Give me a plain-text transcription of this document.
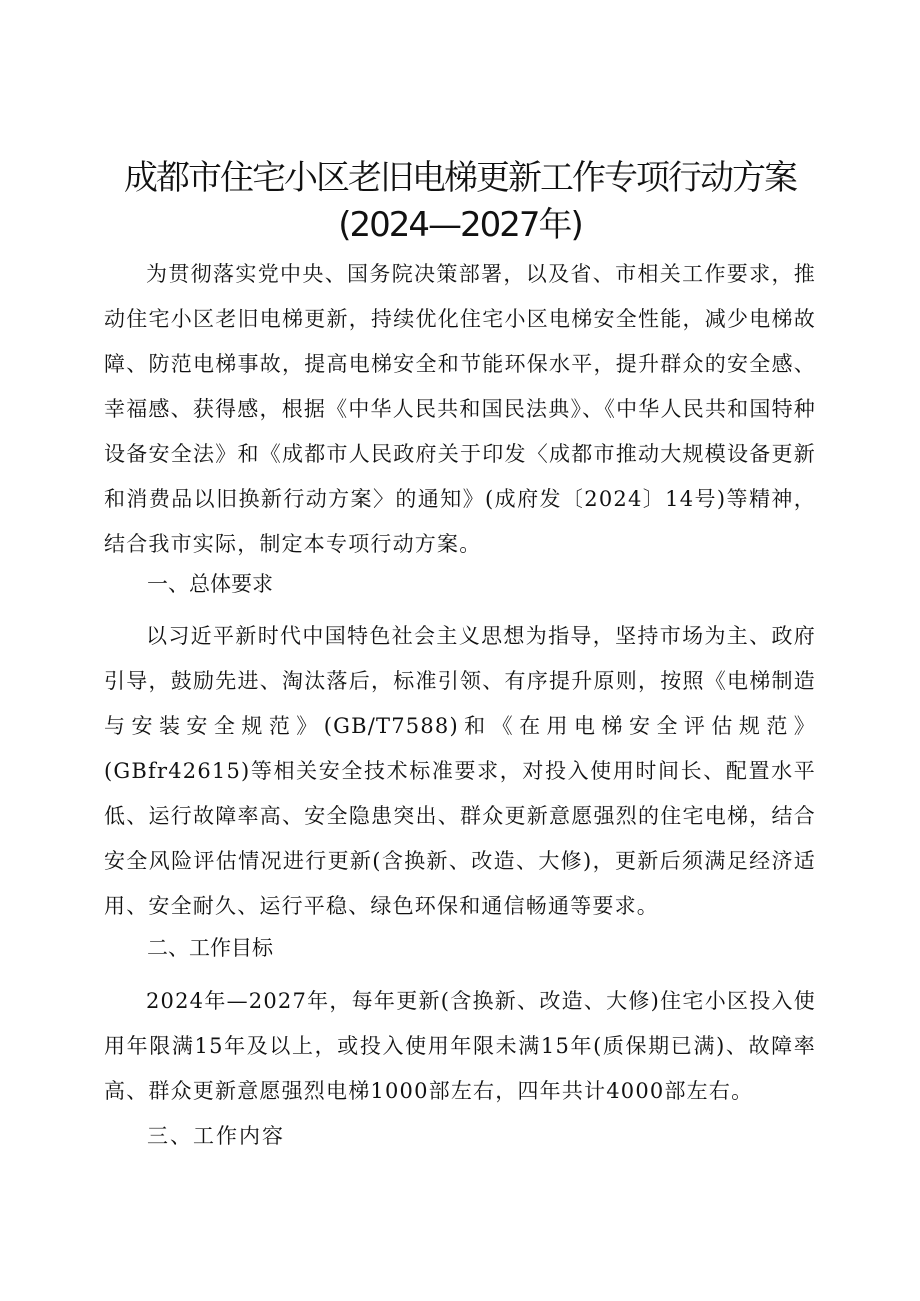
成都市住宅小区老旧电梯更新工作专项行动方案
(2024—2027年)
为贯彻落实党中央、国务院决策部署，以及省、市相关工作要求，推动住宅小区老旧电梯更新，持续优化住宅小区电梯安全性能，减少电梯故障、防范电梯事故，提高电梯安全和节能环保水平，提升群众的安全感、幸福感、获得感，根据《中华人民共和国民法典》、《中华人民共和国特种设备安全法》和《成都市人民政府关于印发〈成都市推动大规模设备更新和消费品以旧换新行动方案〉的通知》(成府发〔2024〕14号)等精神，结合我市实际，制定本专项行动方案。
一、总体要求
以习近平新时代中国特色社会主义思想为指导，坚持市场为主、政府引导，鼓励先进、淘汰落后，标准引领、有序提升原则，按照《电梯制造与安装安全规范》(GB/T7588)和《在用电梯安全评估规范》(GBfr42615)等相关安全技术标准要求，对投入使用时间长、配置水平低、运行故障率高、安全隐患突出、群众更新意愿强烈的住宅电梯，结合安全风险评估情况进行更新(含换新、改造、大修)，更新后须满足经济适用、安全耐久、运行平稳、绿色环保和通信畅通等要求。
二、工作目标
2024年—2027年，每年更新(含换新、改造、大修)住宅小区投入使用年限满15年及以上，或投入使用年限未满15年(质保期已满)、故障率高、群众更新意愿强烈电梯1000部左右，四年共计4000部左右。
三、工作内容
